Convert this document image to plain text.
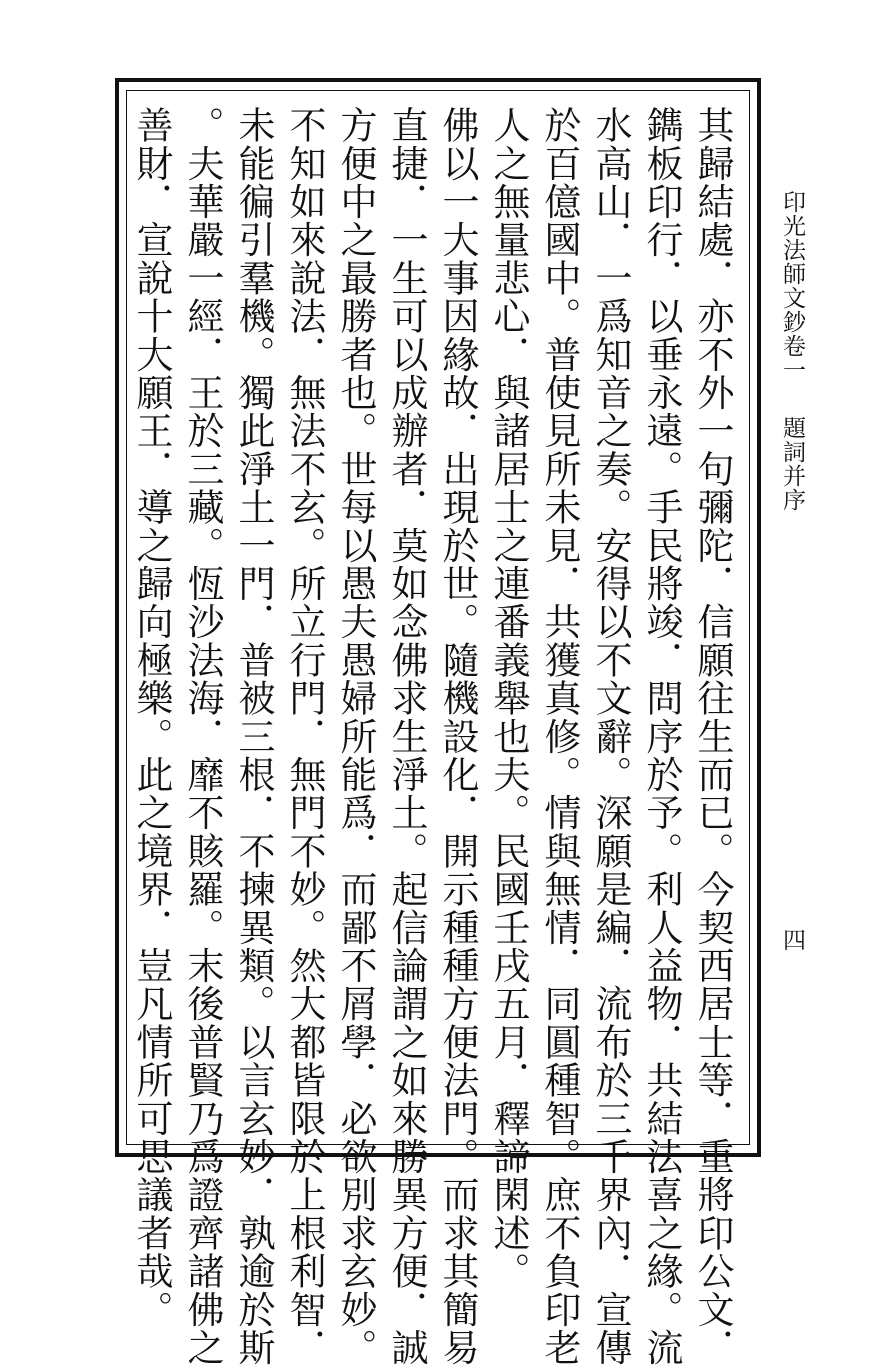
其歸結處．亦不外一句彌陀．信願往生而已。今契西居士等．重將印公文．
鐫板印行．以垂永遠。手民將竣．問序於予。利人益物．共結法喜之緣。流
水高山．一爲知音之奏。安得以不文辭。深願是編．流布於三千界內．宣傳
於百億國中。普使見所未見．共獲真修。情與無情．同圓種智。庶不負印老
人之無量悲心．與諸居士之連番義舉也夫。民國壬戌五月．釋諦閑述。
佛以一大事因緣故．出現於世。隨機設化．開示種種方便法門。而求其簡易
直捷．一生可以成辦者．莫如念佛求生淨土。起信論謂之如來勝異方便．誠
方便中之最勝者也。世每以愚夫愚婦所能爲．而鄙不屑學．必欲別求玄妙。
不知如來說法．無法不玄。所立行門．無門不妙。然大都皆限於上根利智．
未能徧引羣機。獨此淨土一門．普被三根．不揀異類。以言玄妙．孰逾於斯
。夫華嚴一經．王於三藏。恆沙法海．靡不賅羅。末後普賢乃爲證齊諸佛之
善財．宣說十大願王．導之歸向極樂。此之境界．豈凡情所可思議者哉。	印光法師文鈔卷一題詞并序
四
